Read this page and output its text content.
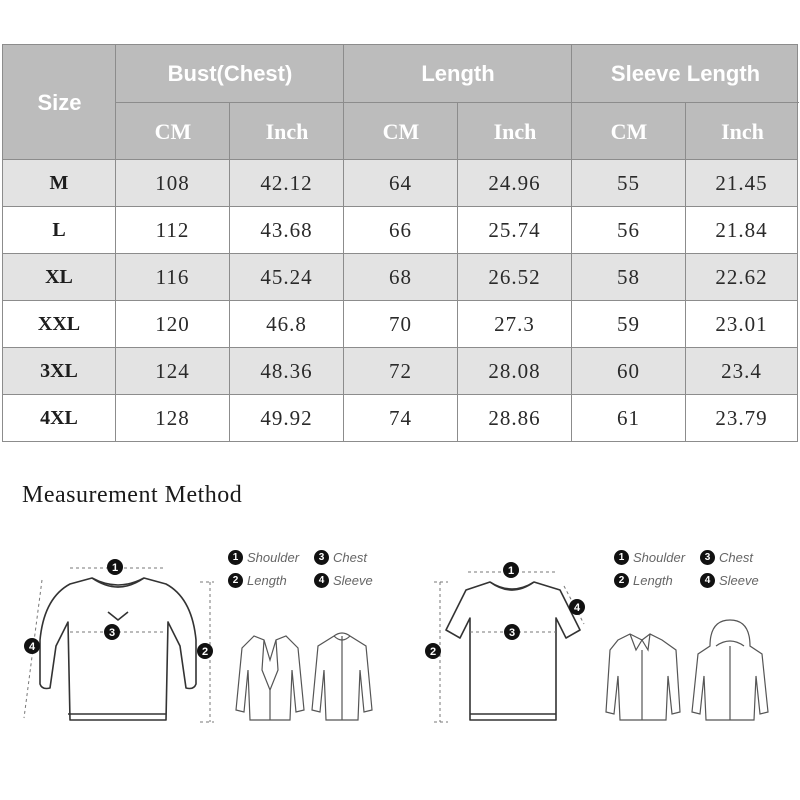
Size
Bust(Chest)	Length	Sleeve Length
CM	Inch	CM	Inch	CM	Inch
M	108	42.12	64	24.96	55	21.45
L	112	43.68	66	25.74	56	21.84
XL	116	45.24	68	26.52	58	22.62
XXL	120	46.8	70	27.3	59	23.01
3XL	124	48.36	72	28.08	60	23.4
4XL	128	49.92	74	28.86	61	23.79
Measurement Method
1 Shoulder	3 Chest
2 Length	4 Sleeve
1 Shoulder	3 Chest
2 Length	4 Sleeve
1
3
4	2
1
3
2
4
